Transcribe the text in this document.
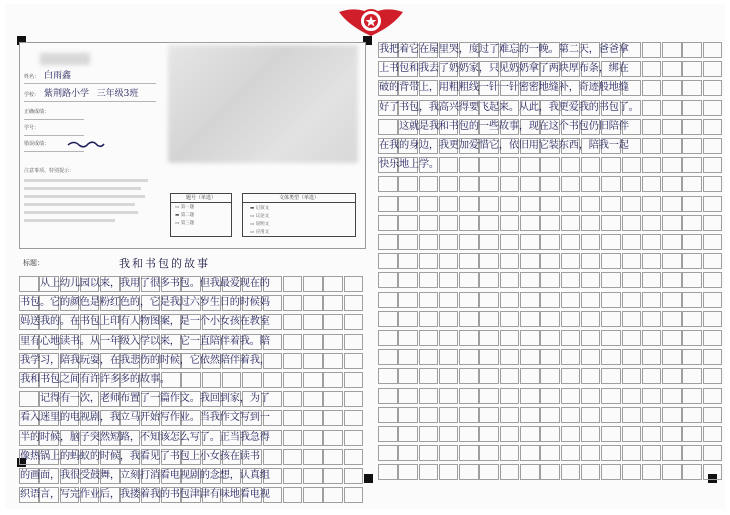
姓名： 白雨鑫
学校： 紫荆路小学 三年级3班
正确成绩：
学号：
错误成绩：
注意事项、特别提示：
题号（单选）
▭ 第一题
▬ 第二题
▭ 第三题
文体类型（单选）
▬ 记叙文
▭ 议论文
▭ 说明文
▭ 应用文
标题：	我和书包的故事
　　从上幼儿园以来，我用了很多书包。但我最爱现在的
书包。它的颜色是粉红色的，它是我过六岁生日的时候妈
妈送我的。在书包上印有人物图案，是一个小女孩在教室
里有心地读书。从一年级入学以来，它一直陪伴着我。陪
我学习，陪我玩耍，在我悲伤的时候，它依然陪伴着我，
我和书包之间有许许多多的故事。
　　记得有一次，老师布置了一篇作文。我回到家，为了
看入迷里的电视剧，我立马开始写作业。当我作文写到一
半的时候，脑子突然短路，不知该怎么写了。正当我急得
像热锅上的蚂蚁的时候，我看见了书包上小女孩在读书
的画面，我很受鼓舞，立刻打消看电视剧的念想，认真组
织语言，写完作业后，我搂着我的书包津津有味地看电视
我把着它在屋里哭，度过了难忘的一晚。第二天，爸爸拿
上书包和我去了奶奶家，只见奶奶拿了两块厚布条，绑在
破的背带上，用粗粗线一针一针密密地缝补，奇迹般地缝
好了书包，我高兴得要飞起来。从此，我更爱我的书包了。
　　这就是我和书包的一些故事，现在这个书包仍旧陪伴
在我的身边，我更加爱惜它，依旧用它装东西，陪我一起
快乐地上学。
